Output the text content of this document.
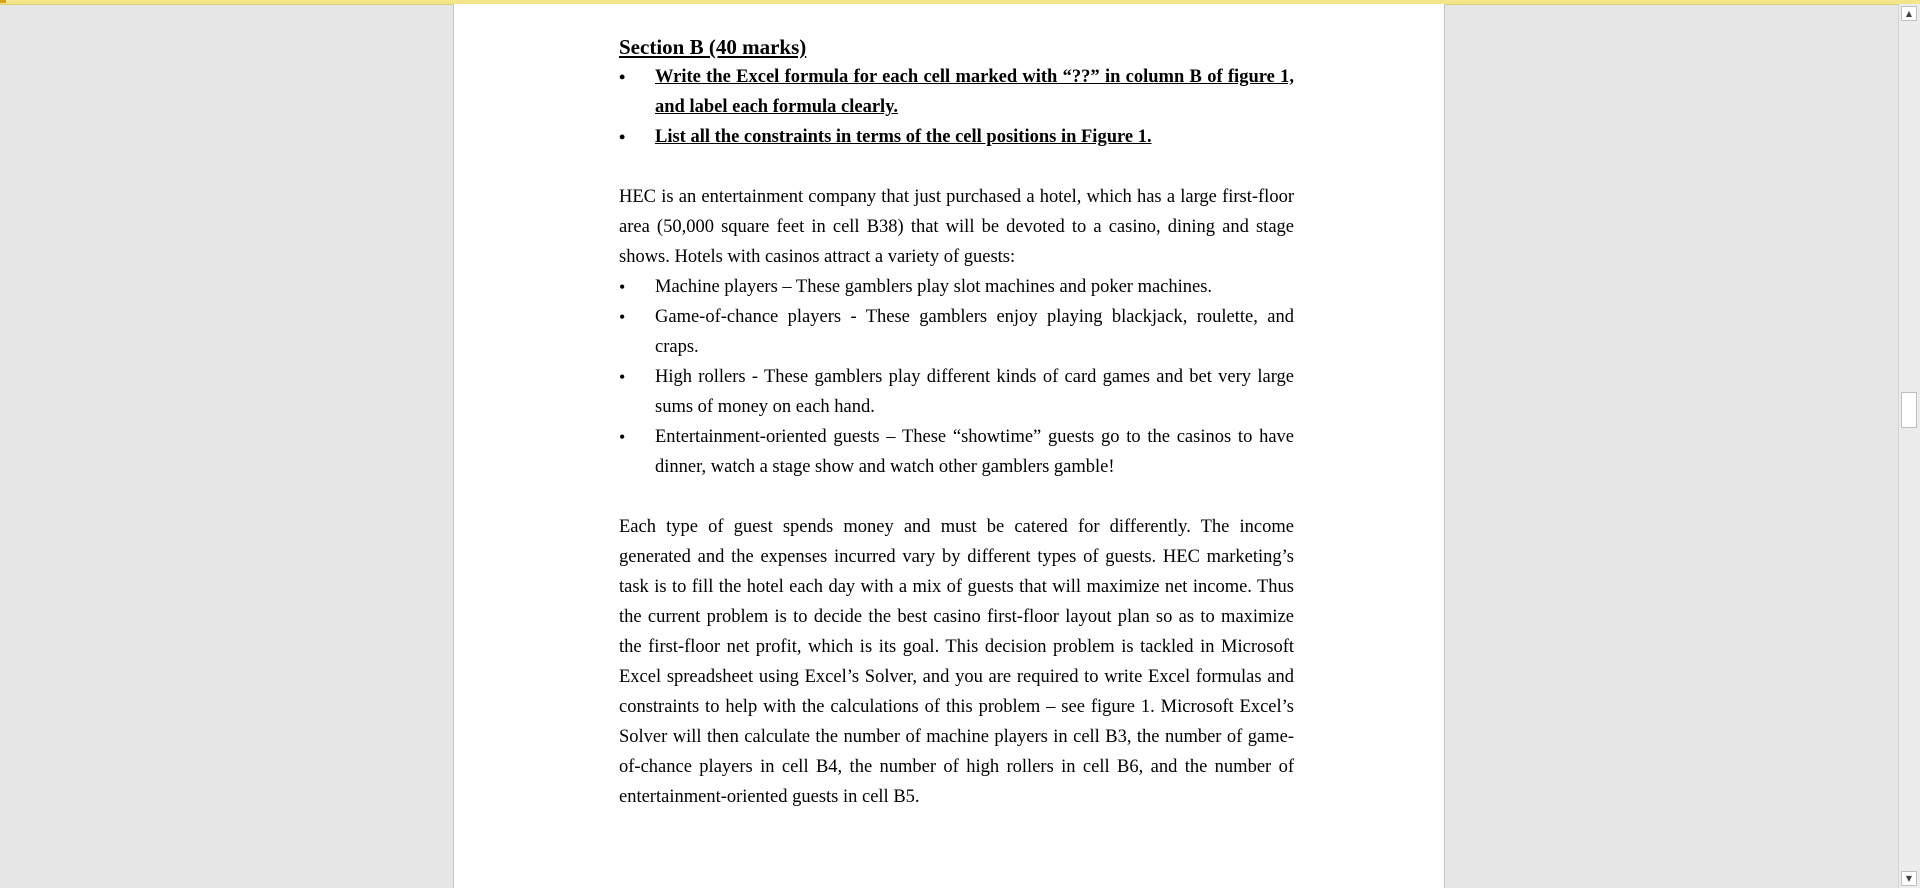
Section B (40 marks)

• Write the Excel formula for each cell marked with “??” in column B of figure 1, and label each formula clearly.
• List all the constraints in terms of the cell positions in Figure 1.

HEC is an entertainment company that just purchased a hotel, which has a large first-floor area (50,000 square feet in cell B38) that will be devoted to a casino, dining and stage shows. Hotels with casinos attract a variety of guests:

• Machine players – These gamblers play slot machines and poker machines.
• Game-of-chance players - These gamblers enjoy playing blackjack, roulette, and craps.
• High rollers - These gamblers play different kinds of card games and bet very large sums of money on each hand.
• Entertainment-oriented guests – These “showtime” guests go to the casinos to have dinner, watch a stage show and watch other gamblers gamble!

Each type of guest spends money and must be catered for differently. The income generated and the expenses incurred vary by different types of guests. HEC marketing’s task is to fill the hotel each day with a mix of guests that will maximize net income. Thus the current problem is to decide the best casino first-floor layout plan so as to maximize the first-floor net profit, which is its goal. This decision problem is tackled in Microsoft Excel spreadsheet using Excel’s Solver, and you are required to write Excel formulas and constraints to help with the calculations of this problem – see figure 1. Microsoft Excel’s Solver will then calculate the number of machine players in cell B3, the number of game-of-chance players in cell B4, the number of high rollers in cell B6, and the number of entertainment-oriented guests in cell B5.

▲
▼
